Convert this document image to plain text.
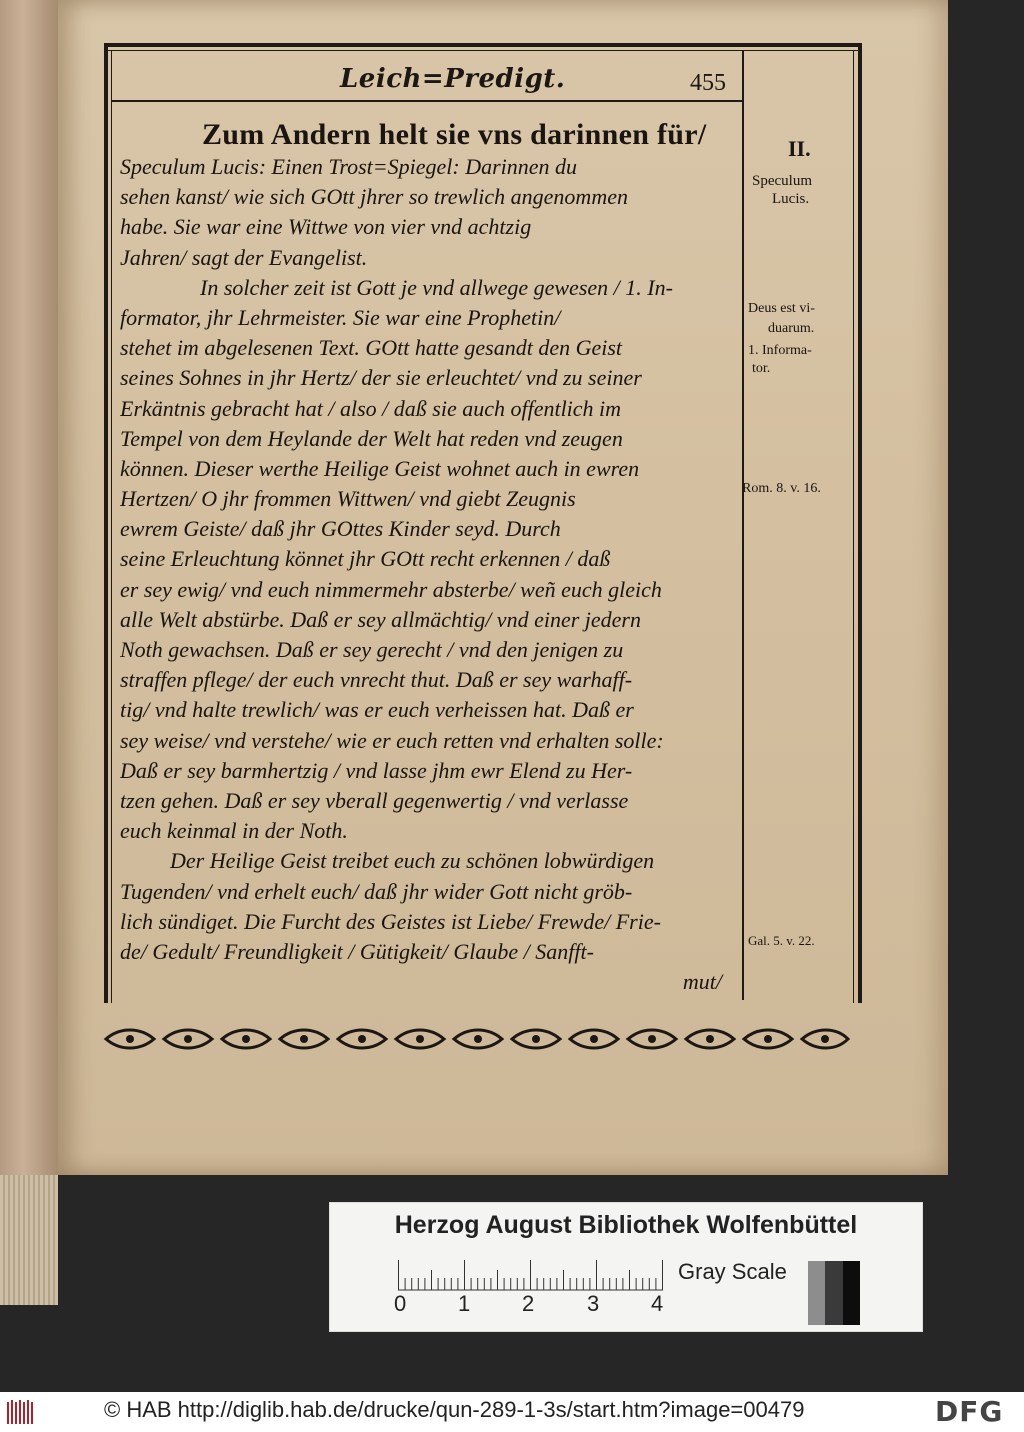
Leich=Predigt.	455
Zum Andern helt sie vns darinnen für/
Speculum Lucis: Einen Trost=Spiegel: Darinnen du
sehen kanst/ wie sich GOtt jhrer so trewlich angenommen
habe. Sie war eine Wittwe von vier vnd achtzig
Jahren/ sagt der Evangelist.
In solcher zeit ist Gott je vnd allwege gewesen / 1. In-
formator, jhr Lehrmeister. Sie war eine Prophetin/
stehet im abgelesenen Text. GOtt hatte gesandt den Geist
seines Sohnes in jhr Hertz/ der sie erleuchtet/ vnd zu seiner
Erkäntnis gebracht hat / also / daß sie auch offentlich im
Tempel von dem Heylande der Welt hat reden vnd zeugen
können. Dieser werthe Heilige Geist wohnet auch in ewren
Hertzen/ O jhr frommen Wittwen/ vnd giebt Zeugnis
ewrem Geiste/ daß jhr GOttes Kinder seyd. Durch
seine Erleuchtung könnet jhr GOtt recht erkennen / daß
er sey ewig/ vnd euch nimmermehr absterbe/ weñ euch gleich
alle Welt abstürbe. Daß er sey allmächtig/ vnd einer jedern
Noth gewachsen. Daß er sey gerecht / vnd den jenigen zu
straffen pflege/ der euch vnrecht thut. Daß er sey warhaff-
tig/ vnd halte trewlich/ was er euch verheissen hat. Daß er
sey weise/ vnd verstehe/ wie er euch retten vnd erhalten solle:
Daß er sey barmhertzig / vnd lasse jhm ewr Elend zu Her-
tzen gehen. Daß er sey vberall gegenwertig / vnd verlasse
euch keinmal in der Noth.
Der Heilige Geist treibet euch zu schönen lobwürdigen
Tugenden/ vnd erhelt euch/ daß jhr wider Gott nicht gröb-
lich sündiget. Die Furcht des Geistes ist Liebe/ Frewde/ Frie-
de/ Gedult/ Freundligkeit / Gütigkeit/ Glaube / Sanfft-
mut/
II.
Speculum
Lucis.
Deus est vi-
duarum.
1. Informa-
tor.
Rom. 8. v. 16.
Gal. 5. v. 22.
Herzog August Bibliothek Wolfenbüttel
0	1	2	3	4
Gray Scale
© HAB http://diglib.hab.de/drucke/qun-289-1-3s/start.htm?image=00479	DFG
